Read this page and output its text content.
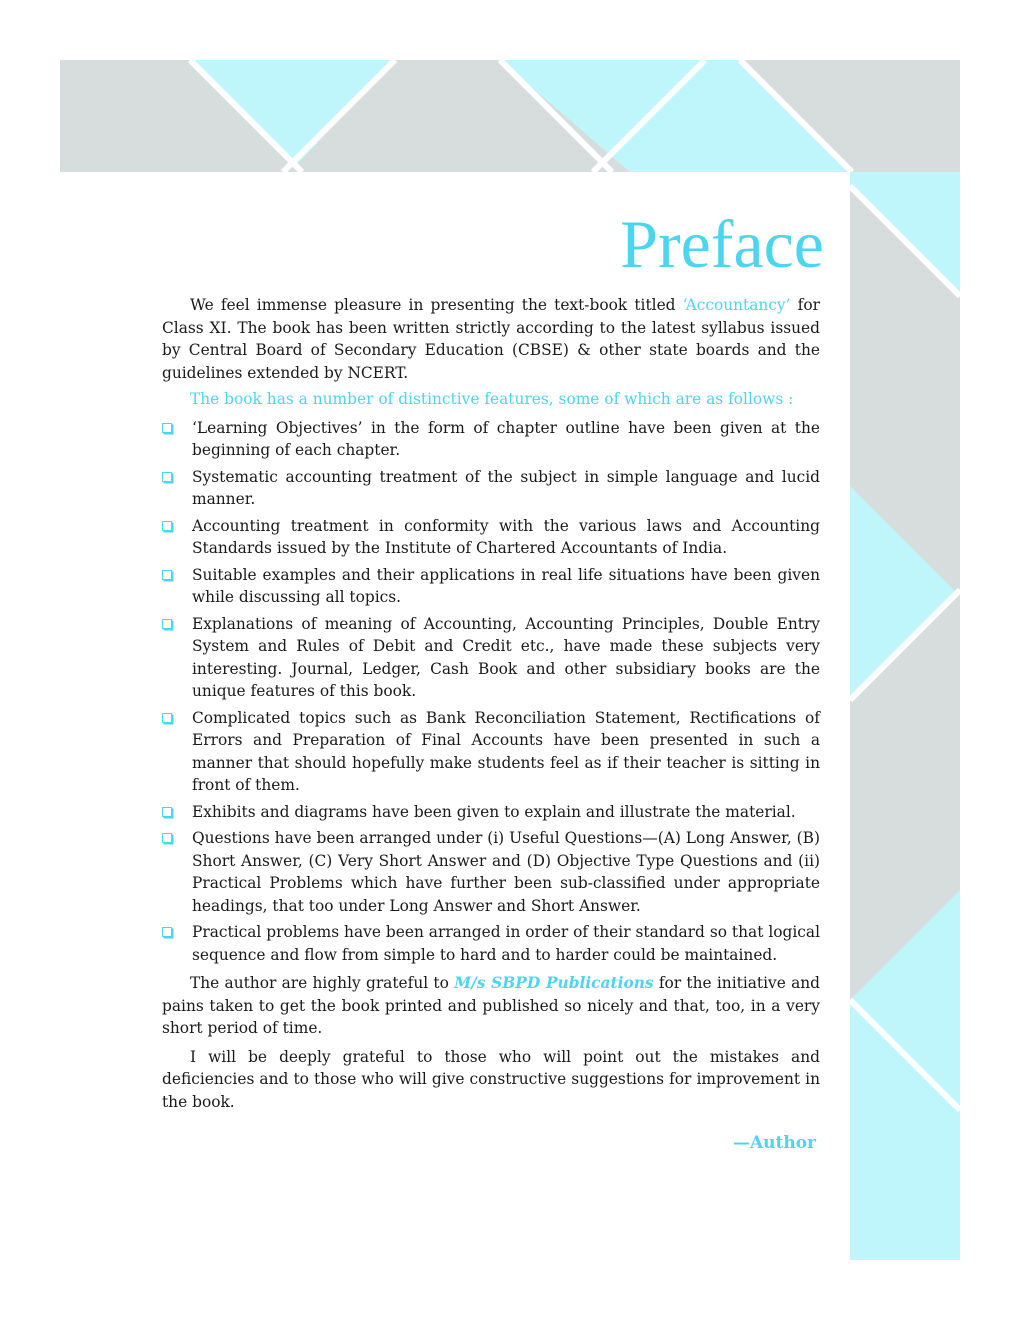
Preface

We feel immense pleasure in presenting the text-book titled ‘Accountancy’ for Class XI. The book has been written strictly according to the latest syllabus issued by Central Board of Secondary Education (CBSE) & other state boards and the guidelines extended by NCERT.

The book has a number of distinctive features, some of which are as follows :

‘Learning Objectives’ in the form of chapter outline have been given at the beginning of each chapter.
Systematic accounting treatment of the subject in simple language and lucid manner.
Accounting treatment in conformity with the various laws and Accounting Standards issued by the Institute of Chartered Accountants of India.
Suitable examples and their applications in real life situations have been given while discussing all topics.
Explanations of meaning of Accounting, Accounting Principles, Double Entry System and Rules of Debit and Credit etc., have made these subjects very interesting. Journal, Ledger, Cash Book and other subsidiary books are the unique features of this book.
Complicated topics such as Bank Reconciliation Statement, Rectifications of Errors and Preparation of Final Accounts have been presented in such a manner that should hopefully make students feel as if their teacher is sitting in front of them.
Exhibits and diagrams have been given to explain and illustrate the material.
Questions have been arranged under (i) Useful Questions—(A) Long Answer, (B) Short Answer, (C) Very Short Answer and (D) Objective Type Questions and (ii) Practical Problems which have further been sub-classified under appropriate headings, that too under Long Answer and Short Answer.
Practical problems have been arranged in order of their standard so that logical sequence and flow from simple to hard and to harder could be maintained.

The author are highly grateful to M/s SBPD Publications for the initiative and pains taken to get the book printed and published so nicely and that, too, in a very short period of time.

I will be deeply grateful to those who will point out the mistakes and deficiencies and to those who will give constructive suggestions for improvement in the book.

—Author
